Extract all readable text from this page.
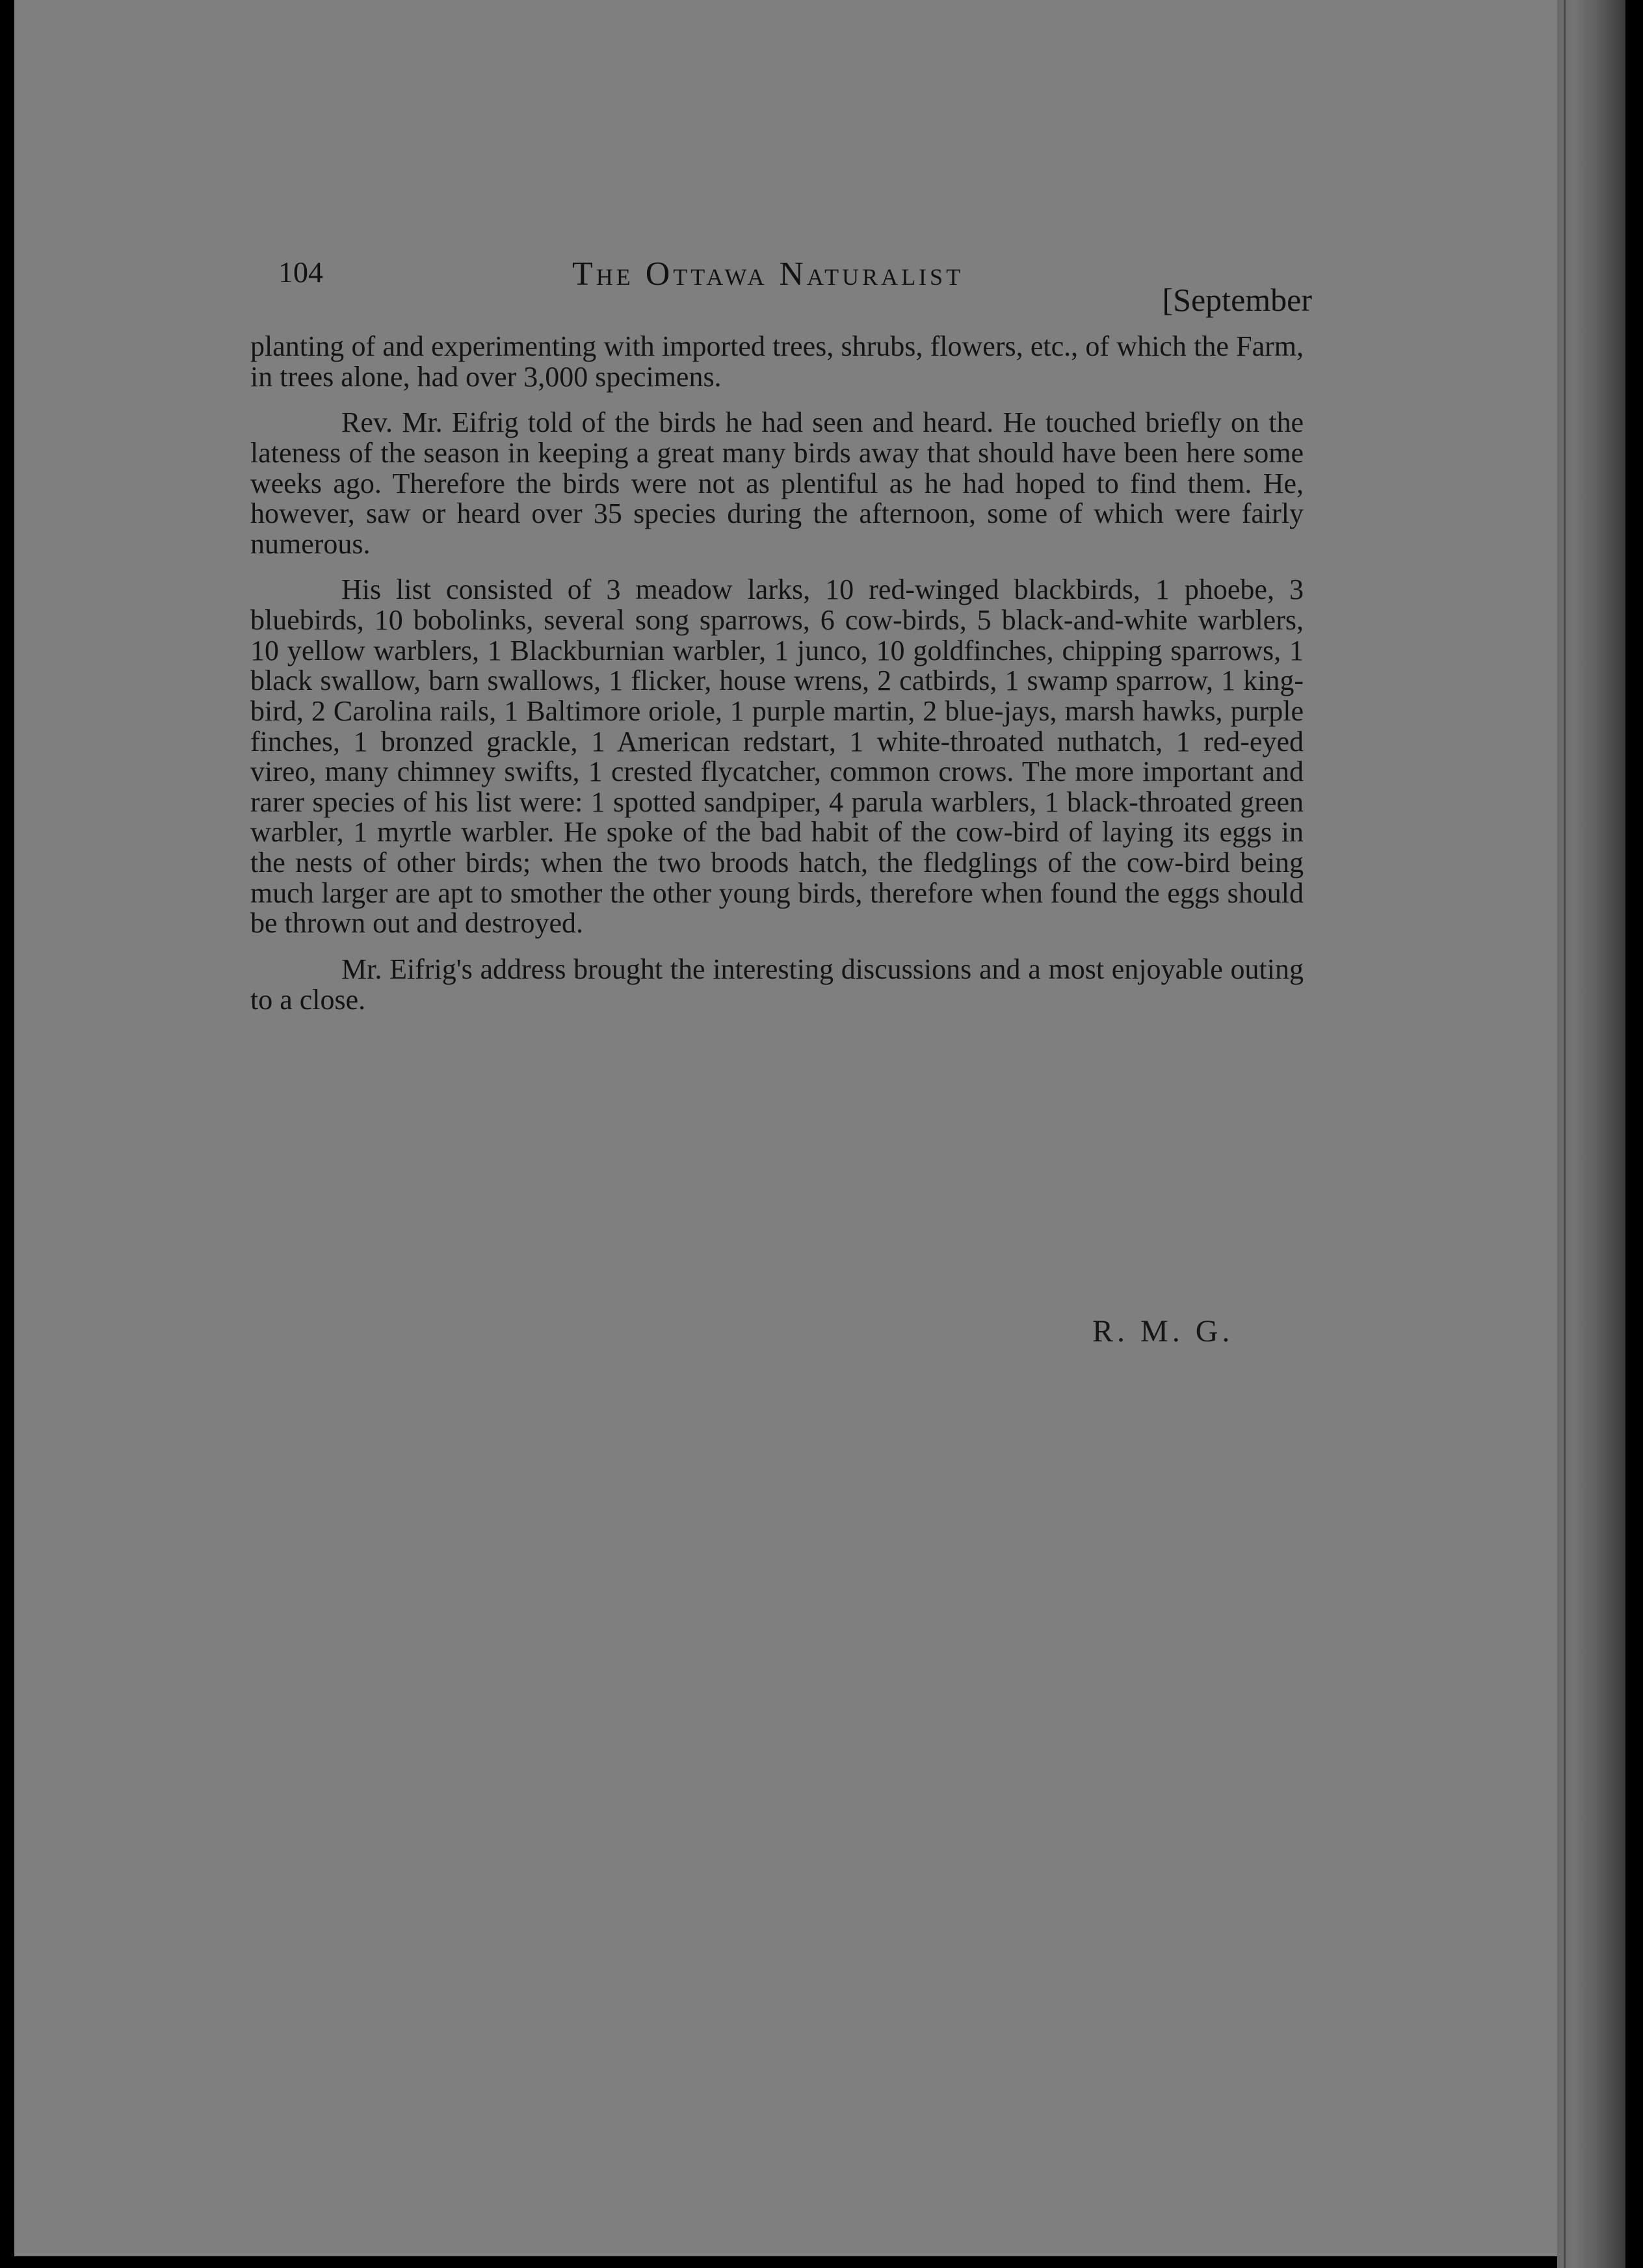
104	The Ottawa Naturalist
[September

planting of and experimenting with imported trees, shrubs, flowers, etc., of which the Farm, in trees alone, had over 3,000 specimens.

Rev. Mr. Eifrig told of the birds he had seen and heard. He touched briefly on the lateness of the season in keeping a great many birds away that should have been here some weeks ago. Therefore the birds were not as plentiful as he had hoped to find them. He, however, saw or heard over 35 species during the afternoon, some of which were fairly numerous.

His list consisted of 3 meadow larks, 10 red-winged blackbirds, 1 phoebe, 3 bluebirds, 10 bobolinks, several song sparrows, 6 cow-birds, 5 black-and-white warblers, 10 yellow warblers, 1 Blackburnian warbler, 1 junco, 10 goldfinches, chipping sparrows, 1 black swallow, barn swallows, 1 flicker, house wrens, 2 catbirds, 1 swamp sparrow, 1 king-bird, 2 Carolina rails, 1 Baltimore oriole, 1 purple martin, 2 blue-jays, marsh hawks, purple finches, 1 bronzed grackle, 1 American redstart, 1 white-throated nuthatch, 1 red-eyed vireo, many chimney swifts, 1 crested flycatcher, common crows. The more important and rarer species of his list were: 1 spotted sandpiper, 4 parula warblers, 1 black-throated green warbler, 1 myrtle warbler. He spoke of the bad habit of the cow-bird of laying its eggs in the nests of other birds; when the two broods hatch, the fledglings of the cow-bird being much larger are apt to smother the other young birds, therefore when found the eggs should be thrown out and destroyed.

Mr. Eifrig's address brought the interesting discussions and a most enjoyable outing to a close.

R. M. G.
